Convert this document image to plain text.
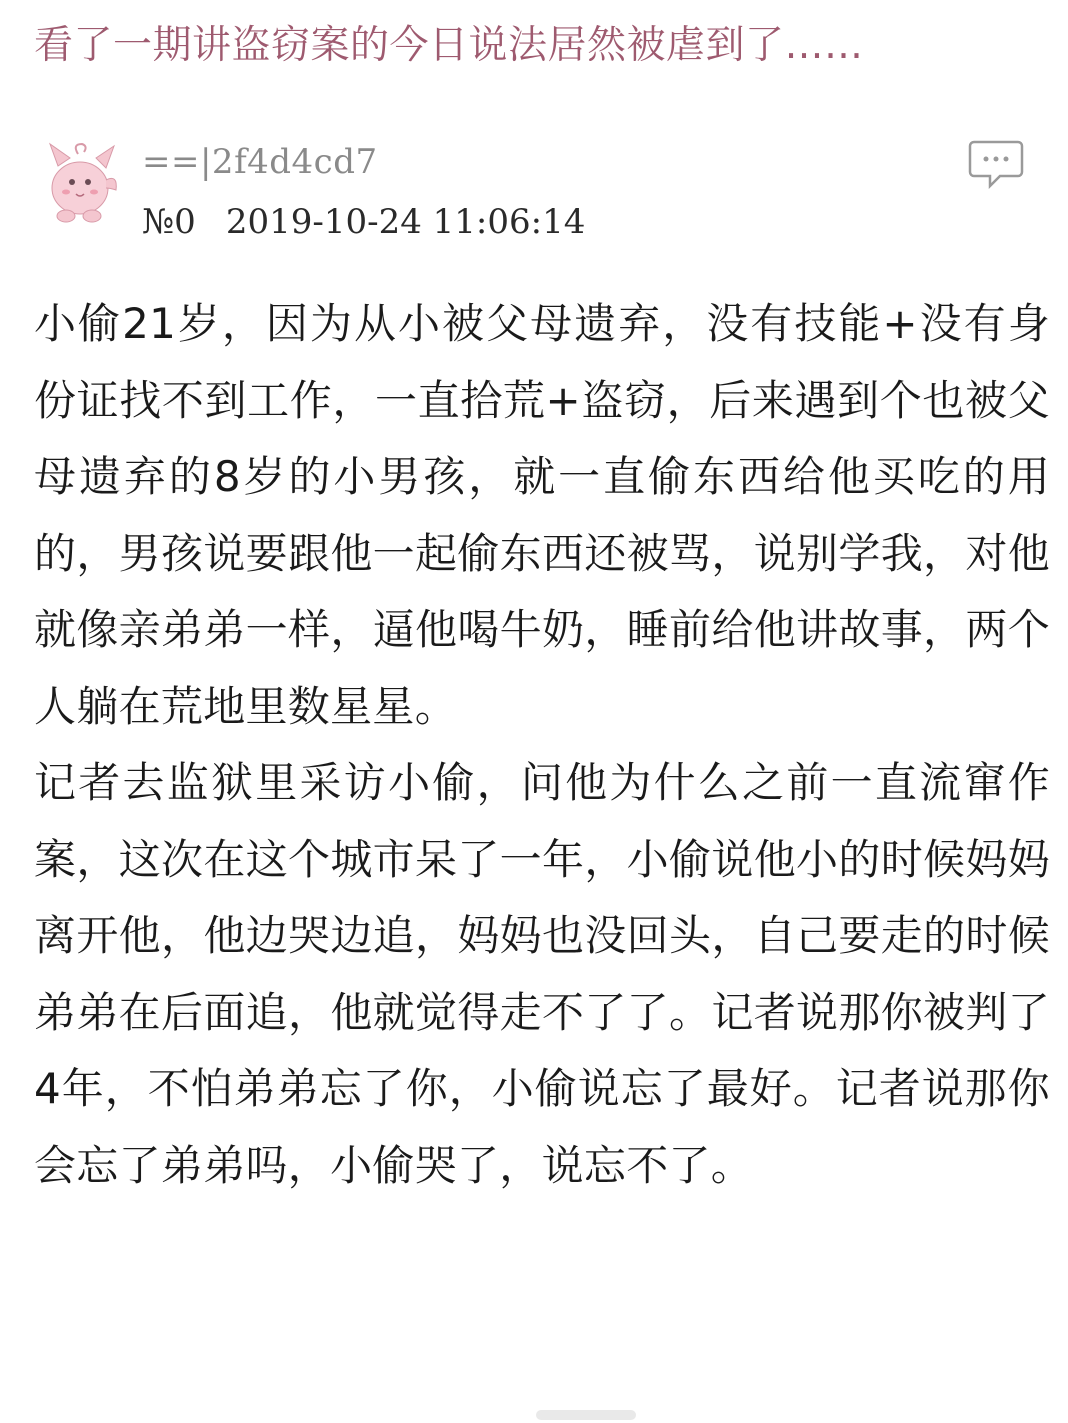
看了一期讲盗窃案的今日说法居然被虐到了……
==|2f4d4cd7
№0 2019-10-24 11:06:14

小偷21岁，因为从小被父母遗弃，没有技能+没有身份证找不到工作，一直拾荒+盗窃，后来遇到个也被父母遗弃的8岁的小男孩，就一直偷东西给他买吃的用的，男孩说要跟他一起偷东西还被骂，说别学我，对他就像亲弟弟一样，逼他喝牛奶，睡前给他讲故事，两个人躺在荒地里数星星。

记者去监狱里采访小偷，问他为什么之前一直流窜作案，这次在这个城市呆了一年，小偷说他小的时候妈妈离开他，他边哭边追，妈妈也没回头，自己要走的时候弟弟在后面追，他就觉得走不了了。记者说那你被判了4年，不怕弟弟忘了你，小偷说忘了最好。记者说那你会忘了弟弟吗，小偷哭了，说忘不了。
